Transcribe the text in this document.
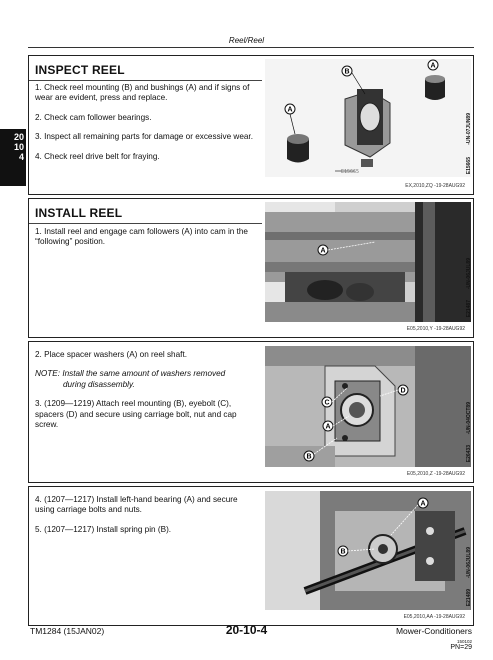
Reel/Reel
20
10
4
INSPECT REEL

1. Check reel mounting (B) and bushings (A) and if signs of wear are evident, press and replace.

2. Check cam follower bearings.

3. Inspect all remaining parts for damage or excessive wear.

4. Check reel drive belt for fraying.

E15665
A
B
A
-UN-07JUN89
E15665
EX,2010,ZQ -19-28AUG92
INSTALL REEL

1. Install reel and engage cam followers (A) into cam in the “following” position.

A
-UN-06JUL89
E21487
E05,2010,Y -19-28AUG92

2. Place spacer washers (A) on reel shaft.

NOTE: Install the same amount of washers removed
during disassembly.

3. (1209—1219) Attach reel mounting (B), eyebolt (C), spacers (D) and secure using carriage bolt, nut and cap screw.

C
D
A
B
-UN-04OCT89
E26433
E05,2010,Z -19-28AUG92

4. (1207—1217) Install left-hand bearing (A) and secure using carriage bolts and nuts.

5. (1207—1217) Install spring pin (B).

A
B	-UN-06JUL89
E21489
E05,2010,AA -19-28AUG92
TM1284 (15JAN02)	20-10-4	Mower-Conditioners
150102
PN=29
